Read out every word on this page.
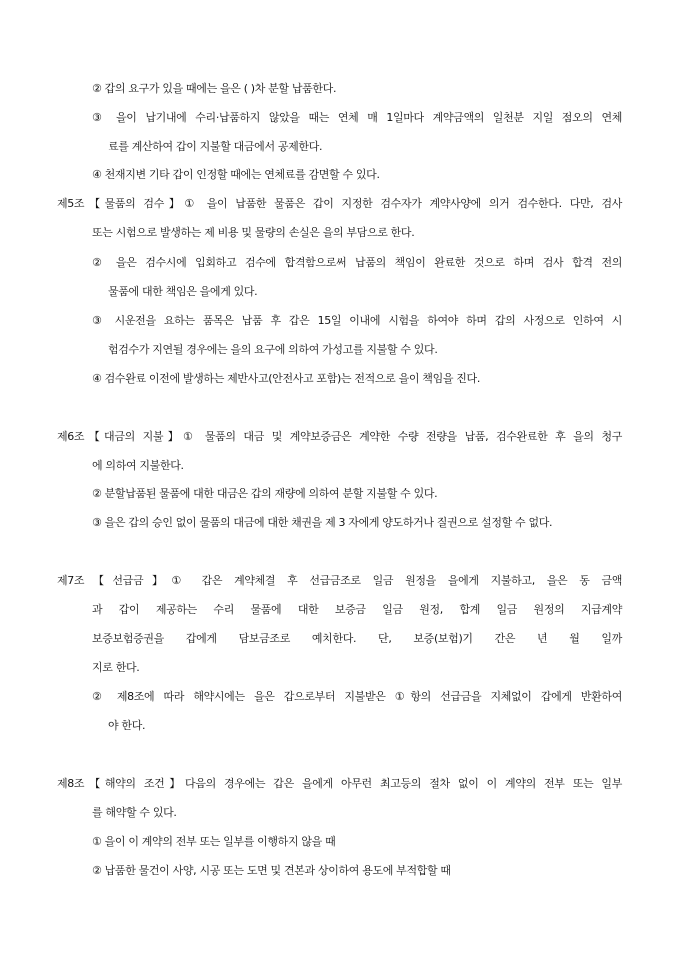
② 갑의 요구가 있을 때에는 을은 ( )차 분할 납품한다.
③ 을이 납기내에 수리·납품하지 않았을 때는 연체 매 1일마다 계약금액의 일천분 지일 점오의 연체
료를 계산하여 갑이 지불할 대금에서 공제한다.
④ 천재지변 기타 갑이 인정할 때에는 연체료를 감면할 수 있다.
제5조【물품의 검수】① 을이 납품한 물품은 갑이 지정한 검수자가 계약사양에 의거 검수한다. 다만, 검사
또는 시험으로 발생하는 제 비용 및 물량의 손실은 을의 부담으로 한다.
② 을은 검수시에 입회하고 검수에 합격함으로써 납품의 책임이 완료한 것으로 하며 검사 합격 전의
물품에 대한 책임은 을에게 있다.
③ 시운전을 요하는 품목은 납품 후 갑은 15일 이내에 시험을 하여야 하며 갑의 사정으로 인하여 시
험검수가 지연될 경우에는 을의 요구에 의하여 가성고를 지불할 수 있다.
④ 검수완료 이전에 발생하는 제반사고(안전사고 포함)는 전적으로 을이 책임을 진다.
제6조【대금의 지불】① 물품의 대금 및 계약보증금은 계약한 수량 전량을 납품, 검수완료한 후 을의 청구
에 의하여 지불한다.
② 분할납품된 물품에 대한 대금은 갑의 재량에 의하여 분할 지불할 수 있다.
③ 을은 갑의 승인 없이 물품의 대금에 대한 채권을 제 3 자에게 양도하거나 질권으로 설정할 수 없다.
제7조【선급금】① 갑은 계약체결 후 선급금조로 일금 원정을 을에게 지불하고, 을은 동 금액
과 갑이 제공하는 수리 물품에 대한 보증금 일금 원정, 합계 일금 원정의 지급계약
보증보험증권을 갑에게 담보금조로 예치한다. 단, 보증(보험)기 간은 년 월 일까
지로 한다.
② 제8조에 따라 해약시에는 을은 갑으로부터 지불받은 ①항의 선급금을 지체없이 갑에게 반환하여
야 한다.
제8조【해약의 조건】다음의 경우에는 갑은 을에게 아무런 최고등의 절차 없이 이 계약의 전부 또는 일부
를 해약할 수 있다.
① 을이 이 계약의 전부 또는 일부를 이행하지 않을 때
② 납품한 물건이 사양, 시공 또는 도면 및 견본과 상이하여 용도에 부적합할 때
